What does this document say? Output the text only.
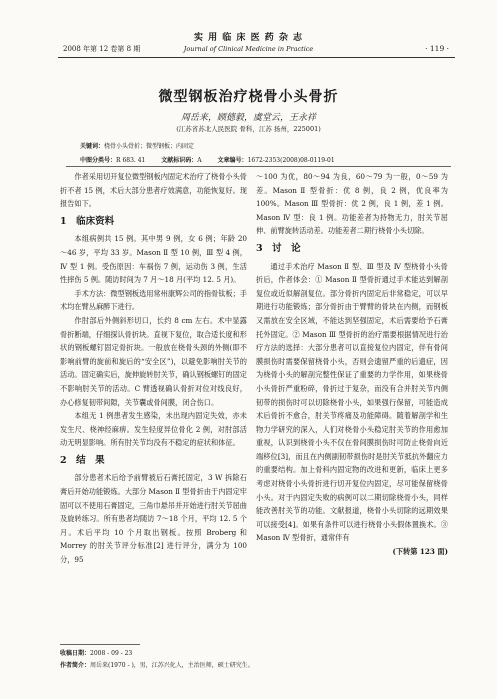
2008 年第 12 卷第 8 期
实 用 临 床 医 药 杂 志
Journal of Clinical Medicine in Practice	· 119 ·
微型钢板治疗桡骨小头骨折
周岳来，顾德毅，虞堂云，王永祥
(江苏省苏北人民医院 骨科，江苏 扬州，225001)
关键词：桡骨小头骨折；微型钢板；内固定
中图分类号：R 683. 41	文献标识码：A	文章编号：1672-2353(2008)08-0119-01

作者采用切开复位微型钢板内固定术治疗了桡骨小头骨折不者 15 例，术后大部分患者疗效满意，功能恢复好。现报告如下。

1　临床资料

本组病例共 15 例。其中男 9 例，女 6 例；年龄 20～46 岁，平均 33 岁。Mason Ⅱ 型 10 例，Ⅲ 型 4 例，Ⅳ 型 1 例。受伤原因：车祸伤 7 例，运动伤 3 例，生活性摔伤 5 例。随访时间为 7 月～18 月(平均 12. 5 月)。

手术方法：微型钢板选用常州康辉公司的指骨钛板；手术均在臂丛麻醉下进行。

作肘部后外侧斜形切口，长约 8 cm 左右。术中显露骨折断端，仔细探认骨折块。直视下复位，取合适长度和形状的钢板螺钉固定骨折块。一般放在桡骨头颈的外侧(即不影响前臂的旋前和旋后的“安全区”)，以避免影响肘关节的活动。固定确实后，旋伸旋转肘关节，确认钢板螺钉的固定不影响肘关节的活动。C 臂透视确认骨折对位对线良好，办心修复韧带间隙，关节囊或骨间膜，闭合伤口。

本组无 1 例患者发生感染，未出现内固定失效，亦未发生尺、桡神经麻痹。发生轻度异位骨化 2 例，对肘部活动无明显影响。所有肘关节均没有不稳定的症状和体征。

2　结　果

部分患者术后给予前臂被后石膏托固定，3 W 拆除石膏后开始功能锻炼。大部分 Mason Ⅱ 型骨折由于内固定牢固可以不使用石膏固定，三角巾悬吊并开始进行肘关节屈曲及旋转练习。所有患者均随访 7～18 个月，平均 12. 5 个月。术后平均 10 个月取出钢板。按照 Broberg 和 Morrey 的肘关节评分标准[2] 进行评分，满分为 100 分，95

～100 为优，80～94 为良，60～79 为一般，0～59 为差。Mason Ⅱ 型骨折：优 8 例，良 2 例，优良率为 100%。Mason Ⅲ 型骨折：优 2 例，良 1 例，差 1 例。Mason Ⅳ 型：良 1 例。功能差者为持物无力，肘关节屈伸、前臂旋转活动差。功能差者二期行桡骨小头切除。

3　讨　论

通过手术治疗 Mason Ⅱ 型、Ⅲ 型及 Ⅳ 型桡骨小头骨折后，作者体会：① Mason Ⅱ 型骨折通过手术能达到解剖复位或近似解剖复位。部分骨折内固定后非常稳定，可以早期进行功能锻炼；部分骨折由于臂臂的骨块在内侧，而钢板又需放在安全区域，不能达到坚强固定，术后需要给予石膏托外固定。② Mason Ⅲ 型骨折的治疗需要根据情况进行治疗方法的选择：大部分患者可以直接复位内固定，伴有骨间膜损伤时需要保留桡骨小头，否则会遗留严重的后遗症，因为桡骨小头的解剖完整性保证了重要的力学作用，如果桡骨小头骨折严重粉碎，骨折过于复杂，而没有合并肘关节内侧韧带的损伤时可以切除桡骨小头，如果强行保留，可能造成术后骨折不愈合，肘关节疼痛及功能障碍。随着解剖学和生物力学研究的深入，人们对桡骨小头稳定肘关节的作用愈加重视，认识到桡骨小头不仅在骨间膜损伤时可防止桡骨向近端移位[3]，而且在内侧副韧带损伤时是肘关节抵抗外翻应力的重要结构。加上骨科内固定物的改进和更新，临床上更多考虑对桡骨小头骨折进行切开复位内固定，尽可能保留桡骨小头。对于内固定失败的病例可以二期切除桡骨小头，同样能改善肘关节的功能。文献报道，桡骨小头切除的远期效果可以接受[4]。如果有条件可以进行桡骨小头假体置换术。③ Mason Ⅳ 型骨折，通常伴有

(下转第 123 面)
收稿日期：2008 - 09 - 23
作者简介：周岳来(1970 - )，男，江苏兴化人，主治医师，硕士研究生。
